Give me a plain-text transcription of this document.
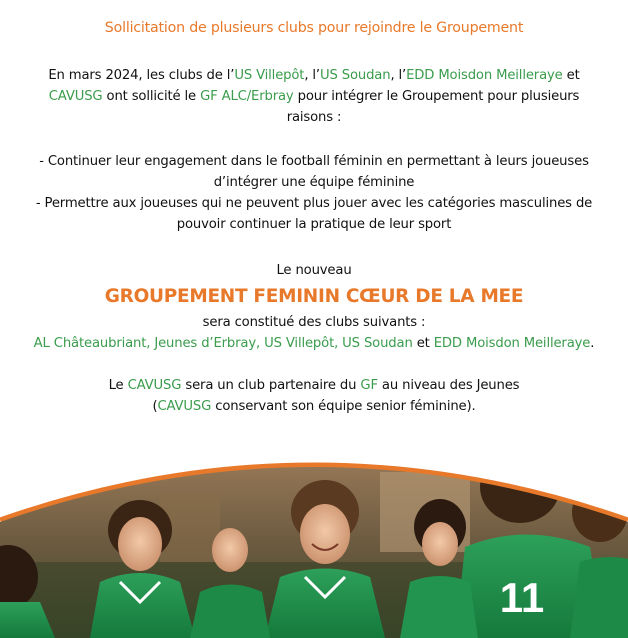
Sollicitation de plusieurs clubs pour rejoindre le Groupement
En mars 2024, les clubs de l’US Villepôt, l’US Soudan, l’EDD Moisdon Meilleraye et
CAVUSG ont sollicité le GF ALC/Erbray pour intégrer le Groupement pour plusieurs
raisons :
- Continuer leur engagement dans le football féminin en permettant à leurs joueuses
d’intégrer une équipe féminine
- Permettre aux joueuses qui ne peuvent plus jouer avec les catégories masculines de
pouvoir continuer la pratique de leur sport
Le nouveau
GROUPEMENT FEMININ CŒUR DE LA MEE
sera constitué des clubs suivants :
AL Châteaubriant, Jeunes d’Erbray, US Villepôt, US Soudan et EDD Moisdon Meilleraye.
Le CAVUSG sera un club partenaire du GF au niveau des Jeunes
(CAVUSG conservant son équipe senior féminine).
11
